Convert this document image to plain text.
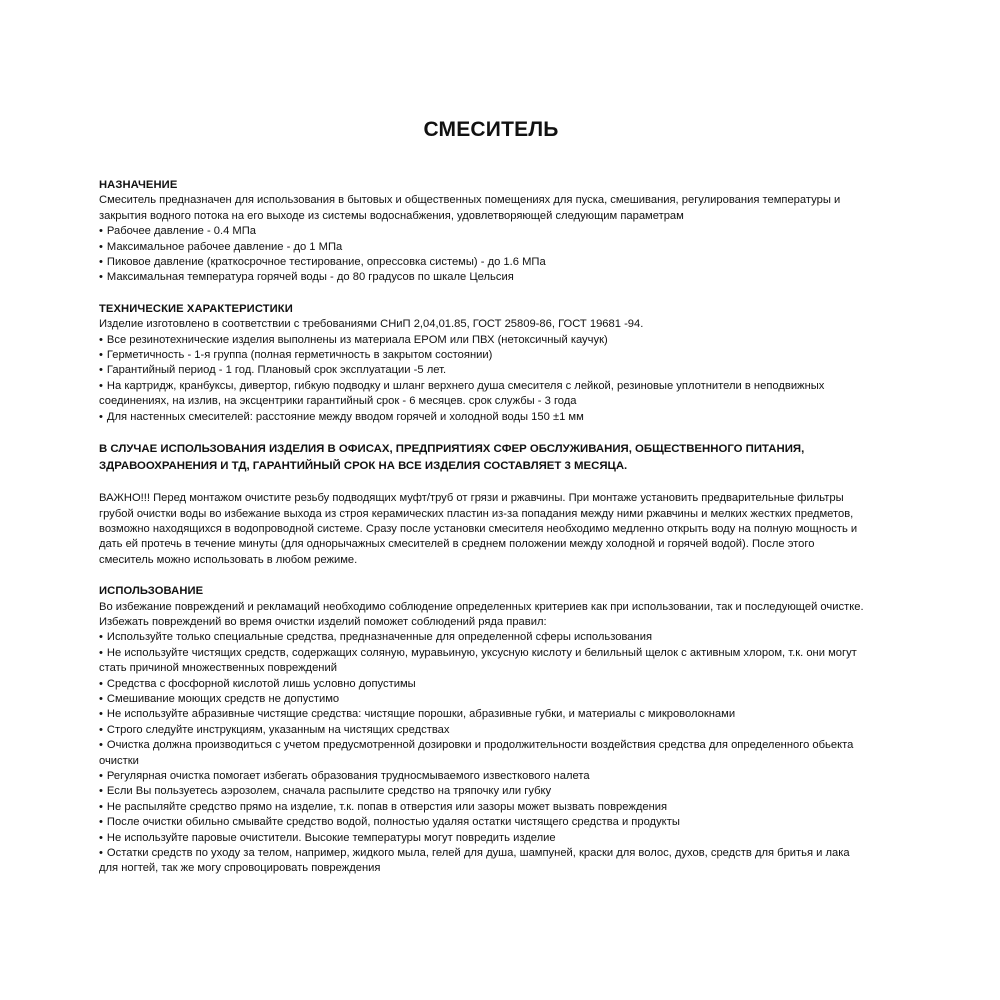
СМЕСИТЕЛЬ
НАЗНАЧЕНИЕ

Смеситель предназначен для использования в бытовых и общественных помещениях для пуска, смешивания, регулирования температуры и закрытия водного потока на его выходе из системы водоснабжения, удовлетворяющей следующим параметрам

• Рабочее давление - 0.4 МПа
• Максимальное рабочее давление - до 1 МПа
• Пиковое давление (краткосрочное тестирование, опрессовка системы) - до 1.6 МПа
• Максимальная температура горячей воды - до 80 градусов по шкале Цельсия
ТЕХНИЧЕСКИЕ ХАРАКТЕРИСТИКИ

Изделие изготовлено в соответствии с требованиями СНиП 2,04,01.85, ГОСТ 25809-86, ГОСТ 19681 -94.

• Все резинотехнические изделия выполнены из материала EPOM или ПВХ (нетоксичный каучук)
• Герметичность - 1-я группа (полная герметичность в закрытом состоянии)
• Гарантийный период - 1 год. Плановый срок эксплуатации -5 лет.
• На картридж, кранбуксы, дивертор, гибкую подводку и шланг верхнего душа смесителя с лейкой, резиновые уплотнители в неподвижных соединениях, на излив, на эксцентрики гарантийный срок - 6 месяцев. срок службы - 3 года
• Для настенных смесителей: расстояние между вводом горячей и холодной воды 150 ±1 мм

В СЛУЧАЕ ИСПОЛЬЗОВАНИЯ ИЗДЕЛИЯ В ОФИСАХ, ПРЕДПРИЯТИЯХ СФЕР ОБСЛУЖИВАНИЯ, ОБЩЕСТВЕННОГО ПИТАНИЯ, ЗДРАВООХРАНЕНИЯ И ТД, ГАРАНТИЙНЫЙ СРОК НА ВСЕ ИЗДЕЛИЯ СОСТАВЛЯЕТ 3 МЕСЯЦА.

ВАЖНО!!! Перед монтажом очистите резьбу подводящих муфт/труб от грязи и ржавчины. При монтаже установить предварительные фильтры грубой очистки воды во избежание выхода из строя керамических пластин из-за попадания между ними ржавчины и мелких жестких предметов, возможно находящихся в водопроводной системе. Сразу после установки смесителя необходимо медленно открыть воду на полную мощность и дать ей протечь в течение минуты (для однорычажных смесителей в среднем положении между холодной и горячей водой). После этого смеситель можно использовать в любом режиме.

ИСПОЛЬЗОВАНИЕ

Во избежание повреждений и рекламаций необходимо соблюдение определенных критериев как при использовании, так и последующей очистке. Избежать повреждений во время очистки изделий поможет соблюдений ряда правил:

• Используйте только специальные средства, предназначенные для определенной сферы использования
• Не используйте чистящих средств, содержащих соляную, муравьиную, уксусную кислоту и белильный щелок с активным хлором, т.к. они могут стать причиной множественных повреждений
• Средства с фосфорной кислотой лишь условно допустимы
• Смешивание моющих средств не допустимо
• Не используйте абразивные чистящие средства: чистящие порошки, абразивные губки, и материалы с микроволокнами
• Строго следуйте инструкциям, указанным на чистящих средствах
• Очистка должна производиться с учетом предусмотренной дозировки и продолжительности воздействия средства для определенного обьекта очистки
• Регулярная очистка помогает избегать образования трудносмываемого известкового налета
• Если Вы пользуетесь аэрозолем, сначала распылите средство на тряпочку или губку
• Не распыляйте средство прямо на изделие, т.к. попав в отверстия или зазоры может вызвать повреждения
• После очистки обильно смывайте средство водой, полностью удаляя остатки чистящего средства и продукты
• Не используйте паровые очистители. Высокие температуры могут повредить изделие
• Остатки средств по уходу за телом, например, жидкого мыла, гелей для душа, шампуней, краски для волос, духов, средств для бритья и лака для ногтей, так же могу спровоцировать повреждения
